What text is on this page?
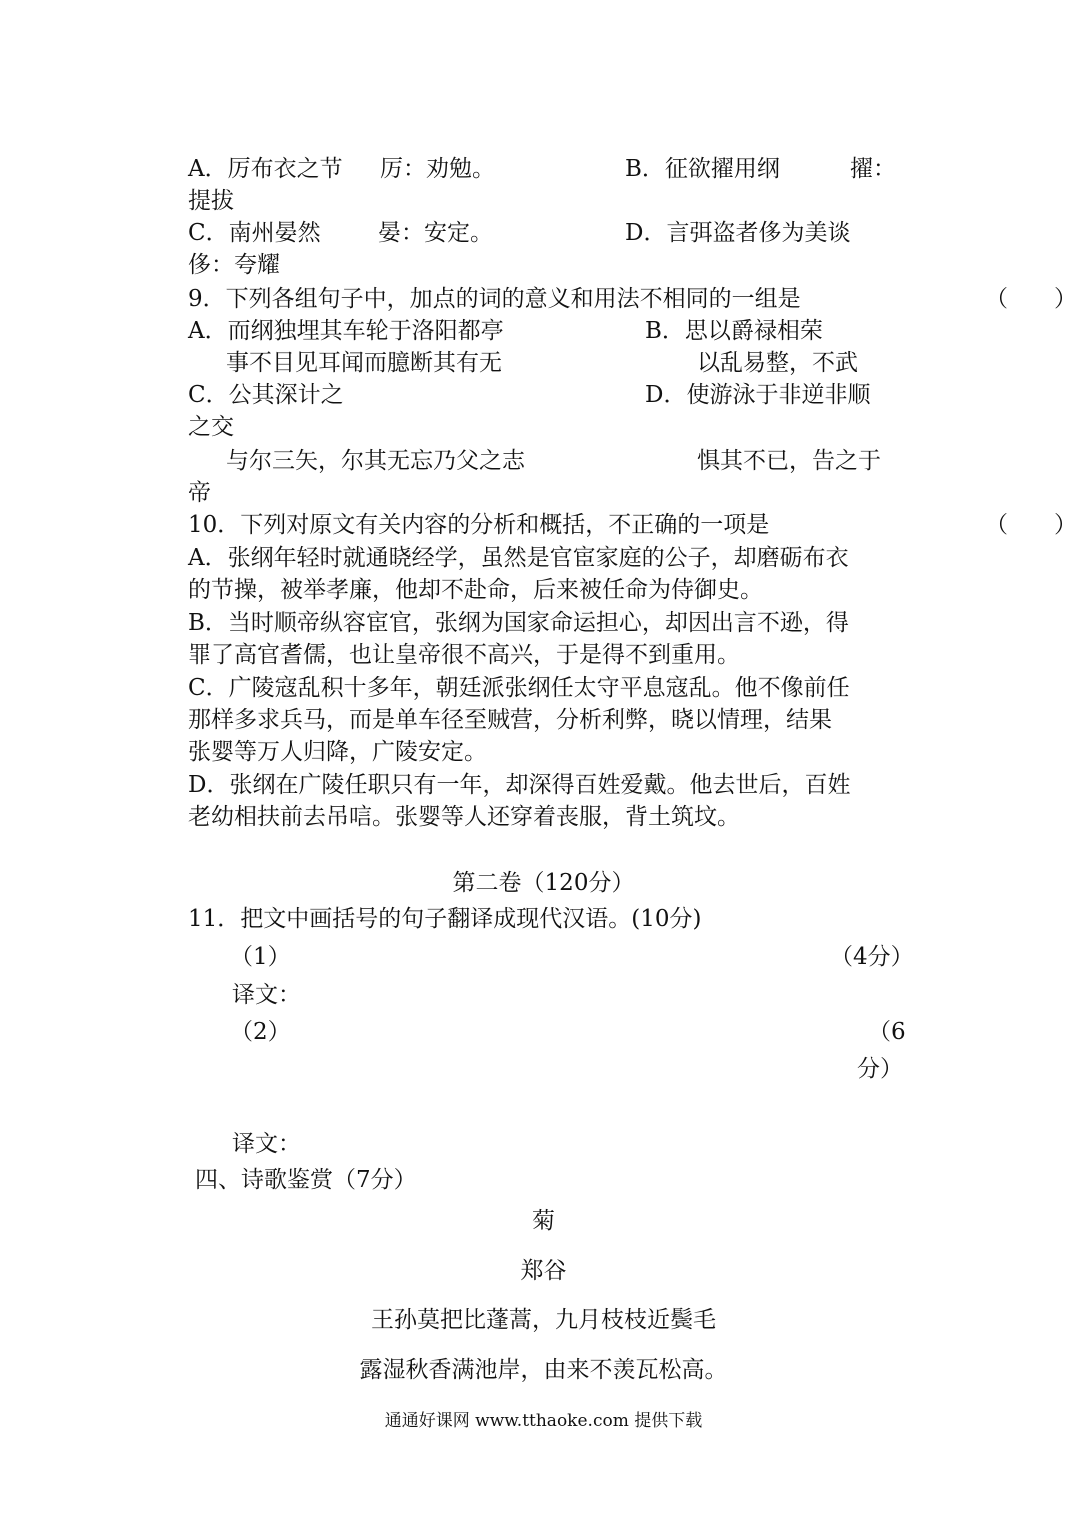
A．厉布衣之节 厉：劝勉。	B．征欲擢用纲	擢：
提拔
C．南州晏然 晏：安定。	D．言弭盗者侈为美谈
侈：夸耀
9．下列各组句子中，加点的词的意义和用法不相同的一组是	（　　）
A．而纲独埋其车轮于洛阳都亭	B．思以爵禄相荣
事不目见耳闻而臆断其有无	以乱易整，不武
C．公其深计之	D．使游泳于非逆非顺
之交
与尔三矢，尔其无忘乃父之志	惧其不已，告之于
帝
10．下列对原文有关内容的分析和概括，不正确的一项是	（　　）
A．张纲年轻时就通晓经学，虽然是官宦家庭的公子，却磨砺布衣
的节操，被举孝廉，他却不赴命，后来被任命为侍御史。
B．当时顺帝纵容宦官，张纲为国家命运担心，却因出言不逊，得
罪了高官耆儒，也让皇帝很不高兴，于是得不到重用。
C．广陵寇乱积十多年，朝廷派张纲任太守平息寇乱。他不像前任
那样多求兵马，而是单车径至贼营，分析利弊，晓以情理，结果
张婴等万人归降，广陵安定。
D．张纲在广陵任职只有一年，却深得百姓爱戴。他去世后，百姓
老幼相扶前去吊唁。张婴等人还穿着丧服，背土筑坟。
第二卷（120分）
11．把文中画括号的句子翻译成现代汉语。(10分)
（1）	（4分）
译文：
（2）	（6
分）
译文：
四、诗歌鉴赏（7分）
菊
郑谷
王孙莫把比蓬蒿，九月枝枝近鬓毛
露湿秋香满池岸，由来不羡瓦松高。
通通好课网 www.tthaoke.com 提供下载
